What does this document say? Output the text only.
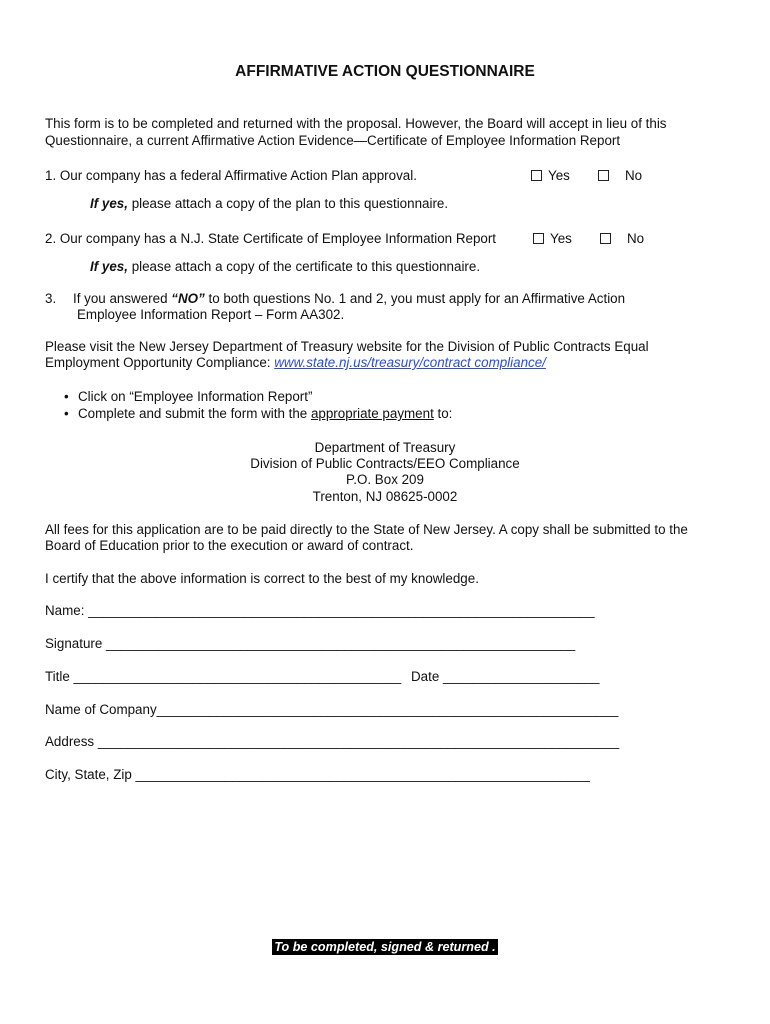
AFFIRMATIVE ACTION QUESTIONNAIRE
This form is to be completed and returned with the proposal. However, the Board will accept in lieu of this
Questionnaire, a current Affirmative Action Evidence—Certificate of Employee Information Report
1. Our company has a federal Affirmative Action Plan approval.	Yes	No
If yes, please attach a copy of the plan to this questionnaire.
2. Our company has a N.J. State Certificate of Employee Information Report	Yes	No
If yes, please attach a copy of the certificate to this questionnaire.
3. If you answered “NO” to both questions No. 1 and 2, you must apply for an Affirmative Action
Employee Information Report – Form AA302.
Please visit the New Jersey Department of Treasury website for the Division of Public Contracts Equal
Employment Opportunity Compliance: www.state.nj.us/treasury/contract compliance/
• Click on “Employee Information Report”
• Complete and submit the form with the appropriate payment to:
Department of Treasury
Division of Public Contracts/EEO Compliance
P.O. Box 209
Trenton, NJ 08625-0002
All fees for this application are to be paid directly to the State of New Jersey. A copy shall be submitted to the
Board of Education prior to the execution or award of contract.
I certify that the above information is correct to the best of my knowledge.
Name: ____________________________________________________________________
Signature _______________________________________________________________
Title ____________________________________________ Date _____________________
Name of Company______________________________________________________________
Address ______________________________________________________________________
City, State, Zip _____________________________________________________________
To be completed, signed & returned .
